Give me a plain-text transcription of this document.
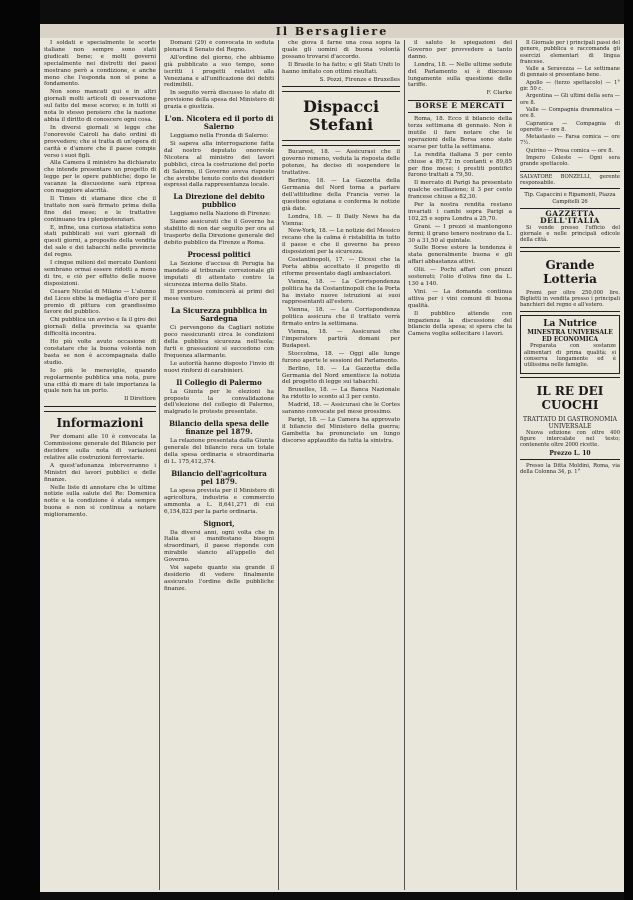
Il Bersagliere

I soldati e specialmente le scorte italiane non sempre sono stati giudicati bene; e molti governi specialmente nei distretti dei paesi mostrano però a condizione, e anche meno che l'esponda non si pone a fondamento.

Non sono mancati qui e in altri giornali molti articoli di osservazione sul fatto del mese scorso; e in tutti si nota lo stesso pensiero che la nazione abbia il diritto di conoscere ogni cosa.

In diversi giornali si legge che l'onorevole Cairoli ha dato ordini di provvedere; che si tratta di un'opera di carità e d'amore che il paese compie verso i suoi figli.

Alla Camera il ministro ha dichiarato che intende presentare un progetto di legge per le opere pubbliche; dopo le vacanze la discussione sarà ripresa con maggiore alacrità.

Il Times di stamane dice che il trattato non sarà firmato prima della fine del mese; e le trattative continuano tra i plenipotenziari.

E, infine, una curiosa statistica sono stati pubblicati sui vari giornali di questi giorni, a proposito della vendita del sale e dei tabacchi nelle provincie del regno.

I cinque milioni del mercato Dantoni sembrano ormai essere ridotti a meno di tre, e ciò per effetto delle nuove disposizioni.

Cesare Nicolai di Milano — L'alunno del Liceo ebbe la medaglia d'oro per il premio di pittura con grandissimo favore del pubblico.

Chi pubblica un avviso e fa il giro dei giornali della provincia sa quante difficoltà incontra.

Ho più volte avuto occasione di constatare che la buona volontà non basta se non è accompagnata dallo studio.

Io più le meraviglie, quando regolarmente pubblica una nota, pure una città di mare di tale importanza la quale non ha un porto.

Il Direttore
Informazioni

Per domani alle 10 è convocata la Commissione generale del Bilancio per decidere sulla nota di variazioni relative alle costruzioni ferroviarie.

A quest'adunanza interverranno i Ministri dei lavori pubblici e delle finanze.

Nelle liste di annotare che le ultime notizie sulla salute del Re: Domenica notte e la condizione è stata sempre buona e non si continua a notare miglioramento.

Domani (29) è convocata in seduta plenaria il Senato del Regno.

All'ordine del giorno, che abbiamo già pubblicato a suo tempo, sono iscritti i progetti relativi alla Veneziana e all'unificazione dei debiti redimibili.

In seguito verrà discusso lo stato di previsione della spesa del Ministero di grazia e giustizia.

L'on. Nicotera ed il porto di Salerno

Leggiamo nella Fronda di Salerno:

Si sapeva alla interrogazione fatta dal nostro deputato onorevole Nicotera al ministro dei lavori pubblici, circa la costruzione del porto di Salerno, il Governo aveva risposto che avrebbe tenuto conto dei desideri espressi dalla rappresentanza locale.

La Direzione del debito pubblico

Leggiamo nella Nazione di Firenze:

Siamo assicurati che il Governo ha stabilito di non dar seguito per ora al trasporto della Direzione generale del debito pubblico da Firenze a Roma.

Processi politici

La Sezione d'accusa di Perugia ha mandato al tribunale correzionale gli imputati di attentato contro la sicurezza interna dello Stato.

Il processo comincerà ai primi del mese venturo.

La Sicurezza pubblica in Sardegna

Ci pervengono da Cagliari notizie poco rassicuranti circa le condizioni della pubblica sicurezza nell'isola; furti e grassazioni si succedono con frequenza allarmante.

Le autorità hanno disposto l'invio di nuovi rinforzi di carabinieri.

Il Collegio di Palermo

La Giunta per le elezioni ha proposto la convalidazione dell'elezione del collegio di Palermo, malgrado le proteste presentate.

Bilancio della spesa delle finanze pel 1879.

La relazione presentata dalla Giunta generale del bilancio reca un totale della spesa ordinaria e straordinaria di L. 175,412,374.

Bilancio dell'agricoltura pel 1879.

La spesa prevista per il Ministero di agricoltura, industria e commercio ammonta a L. 8,641,271 di cui 6,154,823 per la parte ordinaria.

Signori,

Da diversi anni, ogni volta che in Italia si manifestano bisogni straordinari, il paese risponde con mirabile slancio all'appello del Governo.

Voi sapete quanto sia grande il desiderio di vedere finalmente assicurato l'ordine delle pubbliche finanze.

che giova il farne una cosa sopra la quale gli uomini di buona volontà possano trovarsi d'accordo.

Il Brasile lo ha fatto; e gli Stati Uniti lo hanno imitato con ottimi risultati.

S. Pozzi, Firenze e Bruxelles
Dispacci Stefani

Bucarest, 18. — Assicurasi che il governo romeno, veduta la risposta delle potenze, ha deciso di sospendere le trattative.

Berlino, 18. — La Gazzetta della Germania del Nord torna a parlare dell'attitudine della Francia verso la questione egiziana e conferma le notizie già date.

Londra, 18. — Il Daily News ha da Vienna:

New-York, 18. — Le notizie del Messico recano che la calma è ristabilita in tutto il paese e che il governo ha preso disposizioni per la sicurezza.

Costantinopoli, 17. — Dicesi che la Porta abbia accettato il progetto di riforme presentato dagli ambasciatori.

Vienna, 18. — La Corrispondenza politica ha da Costantinopoli che la Porta ha inviato nuove istruzioni ai suoi rappresentanti all'estero.

Vienna, 18. — La Corrispondenza politica assicura che il trattato verrà firmato entro la settimana.

Vienna, 18. — Assicurasi che l'imperatore partirà domani per Budapest.

Stoccolma, 18. — Oggi alle lunge furono aperte le sessioni del Parlamento.

Berlino, 18. — La Gazzetta della Germania del Nord smentisce la notizia del progetto di legge sui tabacchi.

Bruxelles, 18. — La Banca Nazionale ha ridotto lo sconto al 3 per cento.

Madrid, 18. — Assicurasi che le Cortes saranno convocate pel mese prossimo.

Parigi, 18. — La Camera ha approvato il bilancio del Ministero della guerra; Gambetta ha pronunciato un lungo discorso applaudito da tutta la sinistra.

il saluto le spiegazioni del Governo per provvedere a tanto danno.

Londra, 18. — Nelle ultime sedute del Parlamento si è discusso lungamente sulla questione delle tariffe.

F. Clarke
BORSE E MERCATI

Roma, 18. Ecco il bilancio della terza settimana di gennaio. Non è inutile il fare notare che le operazioni della Borsa sono state scarse per tutta la settimana.

La rendita italiana 5 per cento chiuse a 89,72 in contanti e 89,85 per fine mese; i prestiti pontifici furono trattati a 79,50.

Il mercato di Parigi ha presentato qualche oscillazione; il 3 per cento francese chiuse a 82,30.

Per la nostra rendita restano invariati i cambi sopra Parigi a 102,25 e sopra Londra a 25,70.

Grani. — I prezzi si mantengono fermi; il grano tenero nostrano da L. 30 a 31,50 al quintale.

Sulle Borse estere la tendenza è stata generalmente buona e gli affari abbastanza attivi.

Olii. — Pochi affari con prezzi sostenuti; l'olio d'oliva fino da L. 130 a 140.

Vini. — La domanda continua attiva per i vini comuni di buona qualità.

Il pubblico attende con impazienza la discussione del bilancio della spesa; si spera che la Camera voglia sollecitare i lavori.

Il Giornale per i principali passi del genere, pubblica e raccomanda gli esercizi elementari di lingua francese.

Valle a Seravezza — Le settimane di gennaio si presentano bene.

Apollo — (terzo spettacolo) — 1° gir. 50 c.

Argentina — Gli ultimi della sera — ore 8.

Valle — Compagnia drammatica — ore 8.

Capranica — Compagnia di operette — ore 8.

Metastasio — Farsa comica — ore 7½.

Quirino — Prosa comica — ore 8.

Impero Celeste — Ogni sera grande spettacolo.

SALVATORE BONZELLI, gerente responsabile.
Tip. Capaccini e Ripamonti, Piazza Campitelli 26
GAZZETTA DELL'ITALIA

Si vende presso l'ufficio del giornale e nelle principali edicole della città.

Grande Lotteria

Premi per oltre 250,000 lire. Biglietti in vendita presso i principali banchieri del regno e all'estero.

La Nutrice
MINESTRA UNIVERSALE ED ECONOMICA

Preparata con sostanze alimentari di prima qualità; si conserva lungamente ed è utilissima nelle famiglie.

IL RE DEI CUOCHI
TRATTATO DI GASTRONOMIA UNIVERSALE

Nuova edizione con oltre 400 figure intercalate nel testo; contenente oltre 2000 ricette.

Prezzo L. 10

Presso la Ditta Moldini, Roma, via della Colonna 34, p. 1°
